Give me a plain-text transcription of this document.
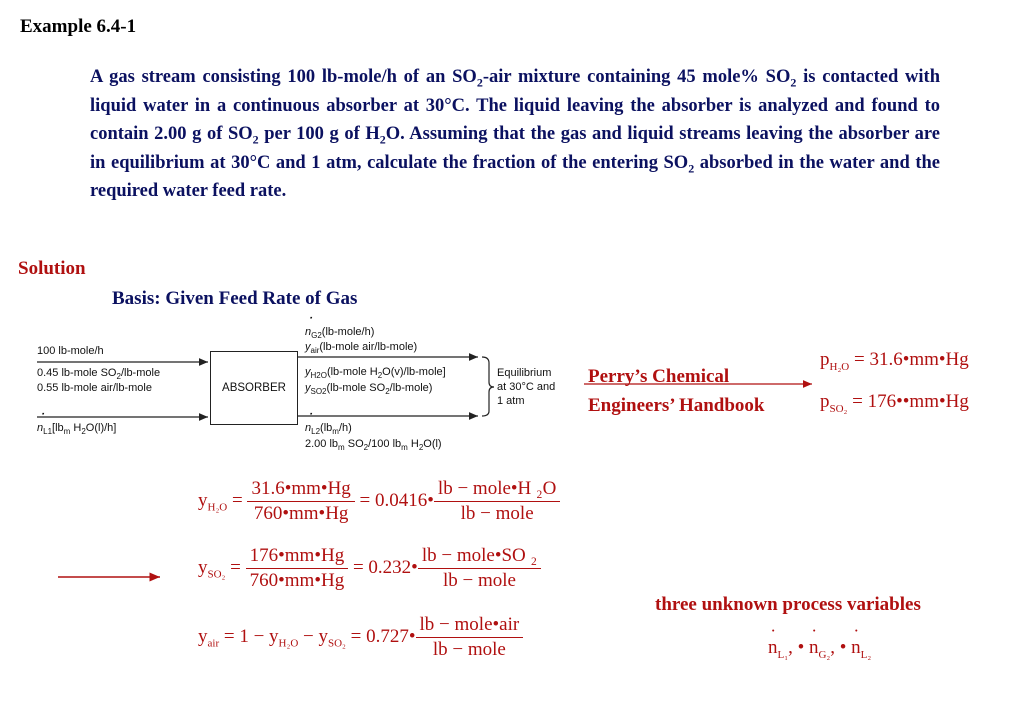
Example 6.4-1
A gas stream consisting 100 lb-mole/h of an $SO_2$-air mixture containing 45 mole% $SO_2$ is contacted with liquid water in a continuous absorber at 30°C. The liquid leaving the absorber is analyzed and found to contain 2.00 g of $SO_2$ per 100 g of $H_2O$. Assuming that the gas and liquid streams leaving the absorber are in equilibrium at 30°C and 1 atm, calculate the fraction of the entering $SO_2$ absorbed in the water and the required water feed rate.
Solution
Basis: Given Feed Rate of Gas
ABSORBER
100 lb-mole/h
0.45 lb-mole $SO_2/lb$-mole
0.55 lb-mole air/lb-mole
˙ $n_{L1}[lb_m$ $H_2O(l)/h$]
˙ $n_{G2}(lb-mole/h)$
$y_{air}(lb$-mole air/lb-mole)
$y_{H2O}(lb$-mole $H_2O(v)/lb-mole$]
$y_{SO2}(lb$-mole $SO_2/lb-mole$)
˙ $n_{L2}(lb_m/h)$
2.00 $lb_m$ $SO_2/100$ $lb_m$ $H_2O(l)$
Equilibrium
at 30°C and
1 atm
Perry’s Chemical
Engineers’ Handbook
$p_{H_2O}$ = 31.6•mm•Hg
$p_{SO_2}$ = 176••mm•Hg
$y_{H_2O} = \frac{31.6•mm•Hg}{760•mm•Hg}$ = 0.0416• $\frac{\text{lb − mole•H ₂O}}{\text{lb − mole}}$
$y_{SO_2} = \frac{176•mm•Hg}{760•mm•Hg}$ = 0.232• $\frac{\text{lb − mole•SO ₂}}{\text{lb − mole}}$
$y_{air} = 1 - y_{H_2O} - y_{SO_2}$ = 0.727• $\frac{\text{lb − mole•air}}{\text{lb − mole}}$
three unknown process variables
˙ $n_{L_1}$, • ˙ $n_{G_2}$, • ˙ $n_{L_2}$
